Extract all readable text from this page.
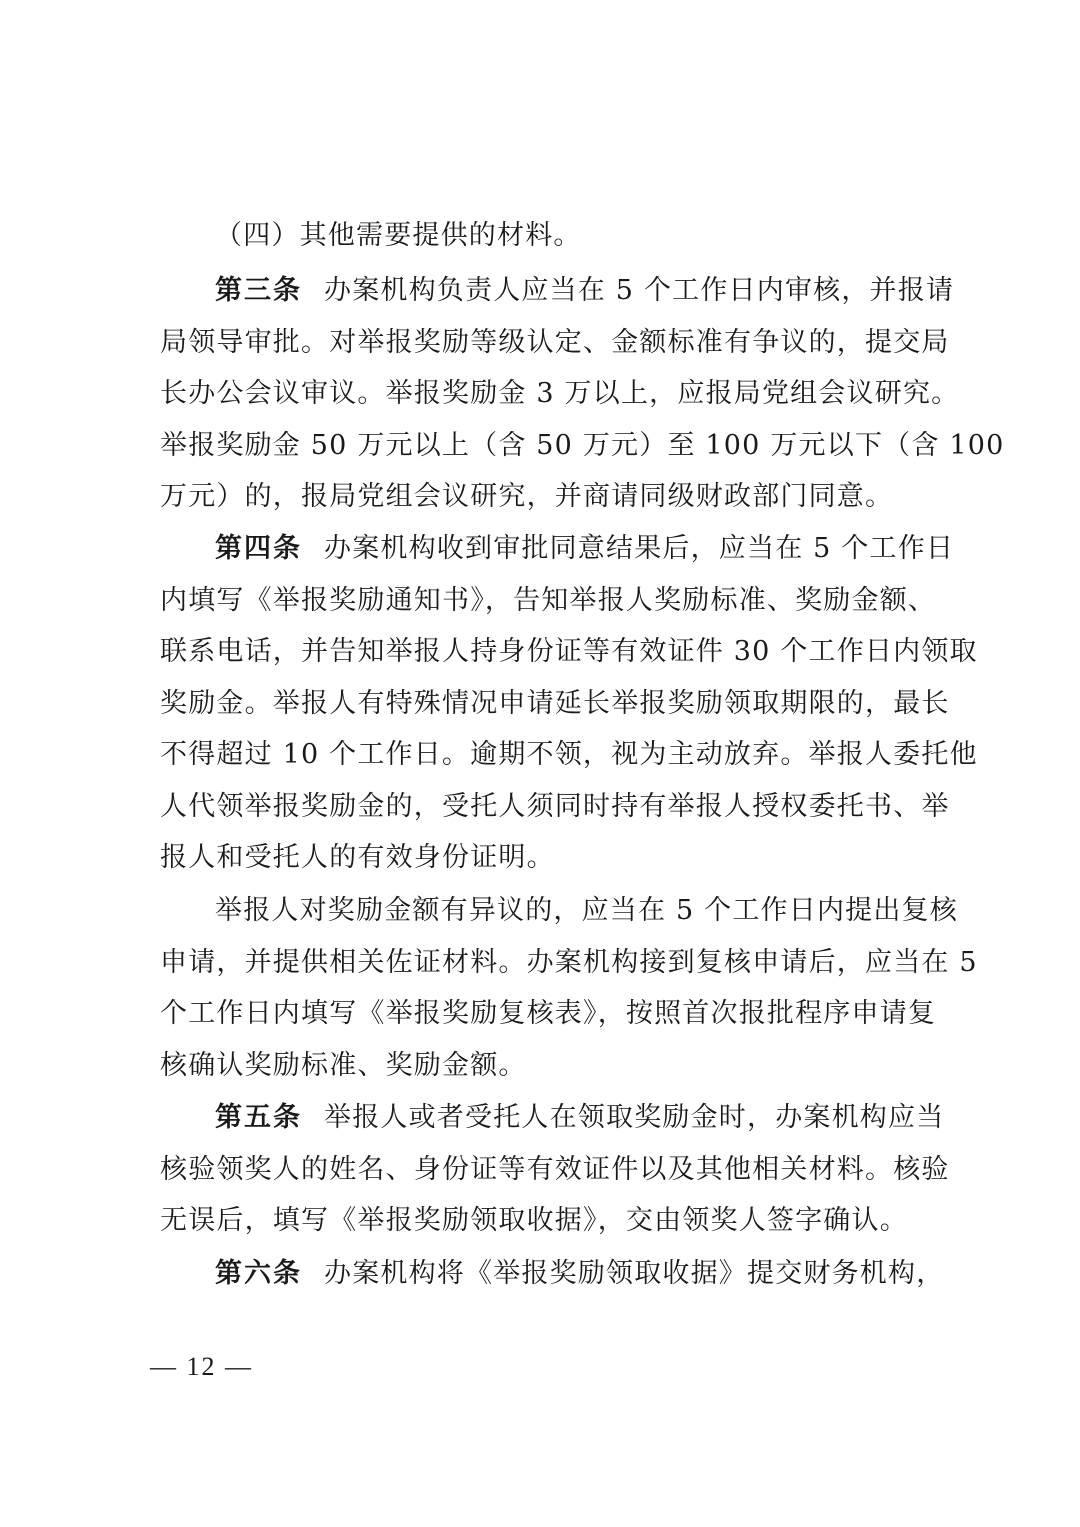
（四）其他需要提供的材料。
第三条 办案机构负责人应当在 5 个工作日内审核，并报请
局领导审批。对举报奖励等级认定、金额标准有争议的，提交局
长办公会议审议。举报奖励金 3 万以上，应报局党组会议研究。
举报奖励金 50 万元以上（含 50 万元）至 100 万元以下（含 100
万元）的，报局党组会议研究，并商请同级财政部门同意。
第四条 办案机构收到审批同意结果后，应当在 5 个工作日
内填写《举报奖励通知书》，告知举报人奖励标准、奖励金额、
联系电话，并告知举报人持身份证等有效证件 30 个工作日内领取
奖励金。举报人有特殊情况申请延长举报奖励领取期限的，最长
不得超过 10 个工作日。逾期不领，视为主动放弃。举报人委托他
人代领举报奖励金的，受托人须同时持有举报人授权委托书、举
报人和受托人的有效身份证明。
举报人对奖励金额有异议的，应当在 5 个工作日内提出复核
申请，并提供相关佐证材料。办案机构接到复核申请后，应当在 5
个工作日内填写《举报奖励复核表》，按照首次报批程序申请复
核确认奖励标准、奖励金额。
第五条 举报人或者受托人在领取奖励金时，办案机构应当
核验领奖人的姓名、身份证等有效证件以及其他相关材料。核验
无误后，填写《举报奖励领取收据》，交由领奖人签字确认。
第六条 办案机构将《举报奖励领取收据》提交财务机构，
— 12 —
